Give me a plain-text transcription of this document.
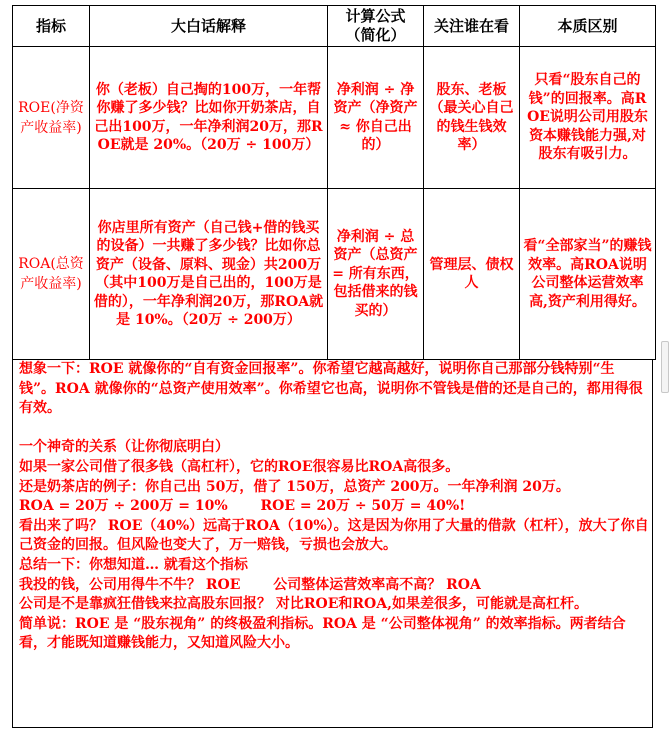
指标	大白话解释	计算公式（简化）	关注谁在看	本质区别
ROE(净资产收益率)	你（老板）自己掏的100万，一年帮你赚了多少钱？比如你开奶茶店，自己出100万，一年净利润20万，那ROE就是 20%。（20万 ÷ 100万）	净利润 ÷ 净资产（净资产 ≈ 你自己出的）	股东、老板（最关心自己的钱生钱效率）	只看“股东自己的钱”的回报率。高ROE说明公司用股东资本赚钱能力强,对股东有吸引力。
ROA(总资产收益率)	你店里所有资产（自己钱+借的钱买的设备）一共赚了多少钱？比如你总资产（设备、原料、现金）共200万（其中100万是自己出的，100万是借的），一年净利润20万，那ROA就是 10%。（20万 ÷ 200万）	净利润 ÷ 总资产（总资产 = 所有东西，包括借来的钱买的）	管理层、债权人	看“全部家当”的赚钱效率。高ROA说明公司整体运营效率高,资产利用得好。

想象一下：ROE 就像你的“自有资金回报率”。你希望它越高越好，说明你自己那部分钱特别“生钱”。ROA 就像你的“总资产使用效率”。你希望它也高，说明你不管钱是借的还是自己的，都用得很有效。

一个神奇的关系（让你彻底明白）

如果一家公司借了很多钱（高杠杆），它的ROE很容易比ROA高很多。

还是奶茶店的例子：你自己出 50万，借了 150万，总资产 200万。一年净利润 20万。

ROA = 20万 ÷ 200万 = 10%　　 ROE = 20万 ÷ 50万 = 40%!

看出来了吗？ ROE（40%）远高于ROA（10%）。这是因为你用了大量的借款（杠杆），放大了你自己资金的回报。但风险也变大了，万一赔钱，亏损也会放大。

总结一下：你想知道… 就看这个指标

我投的钱，公司用得牛不牛？ ROE　　 公司整体运营效率高不高？ ROA

公司是不是靠疯狂借钱来拉高股东回报？ 对比ROE和ROA,如果差很多，可能就是高杠杆。

简单说：ROE 是 “股东视角” 的终极盈利指标。ROA 是 “公司整体视角” 的效率指标。两者结合看，才能既知道赚钱能力，又知道风险大小。
